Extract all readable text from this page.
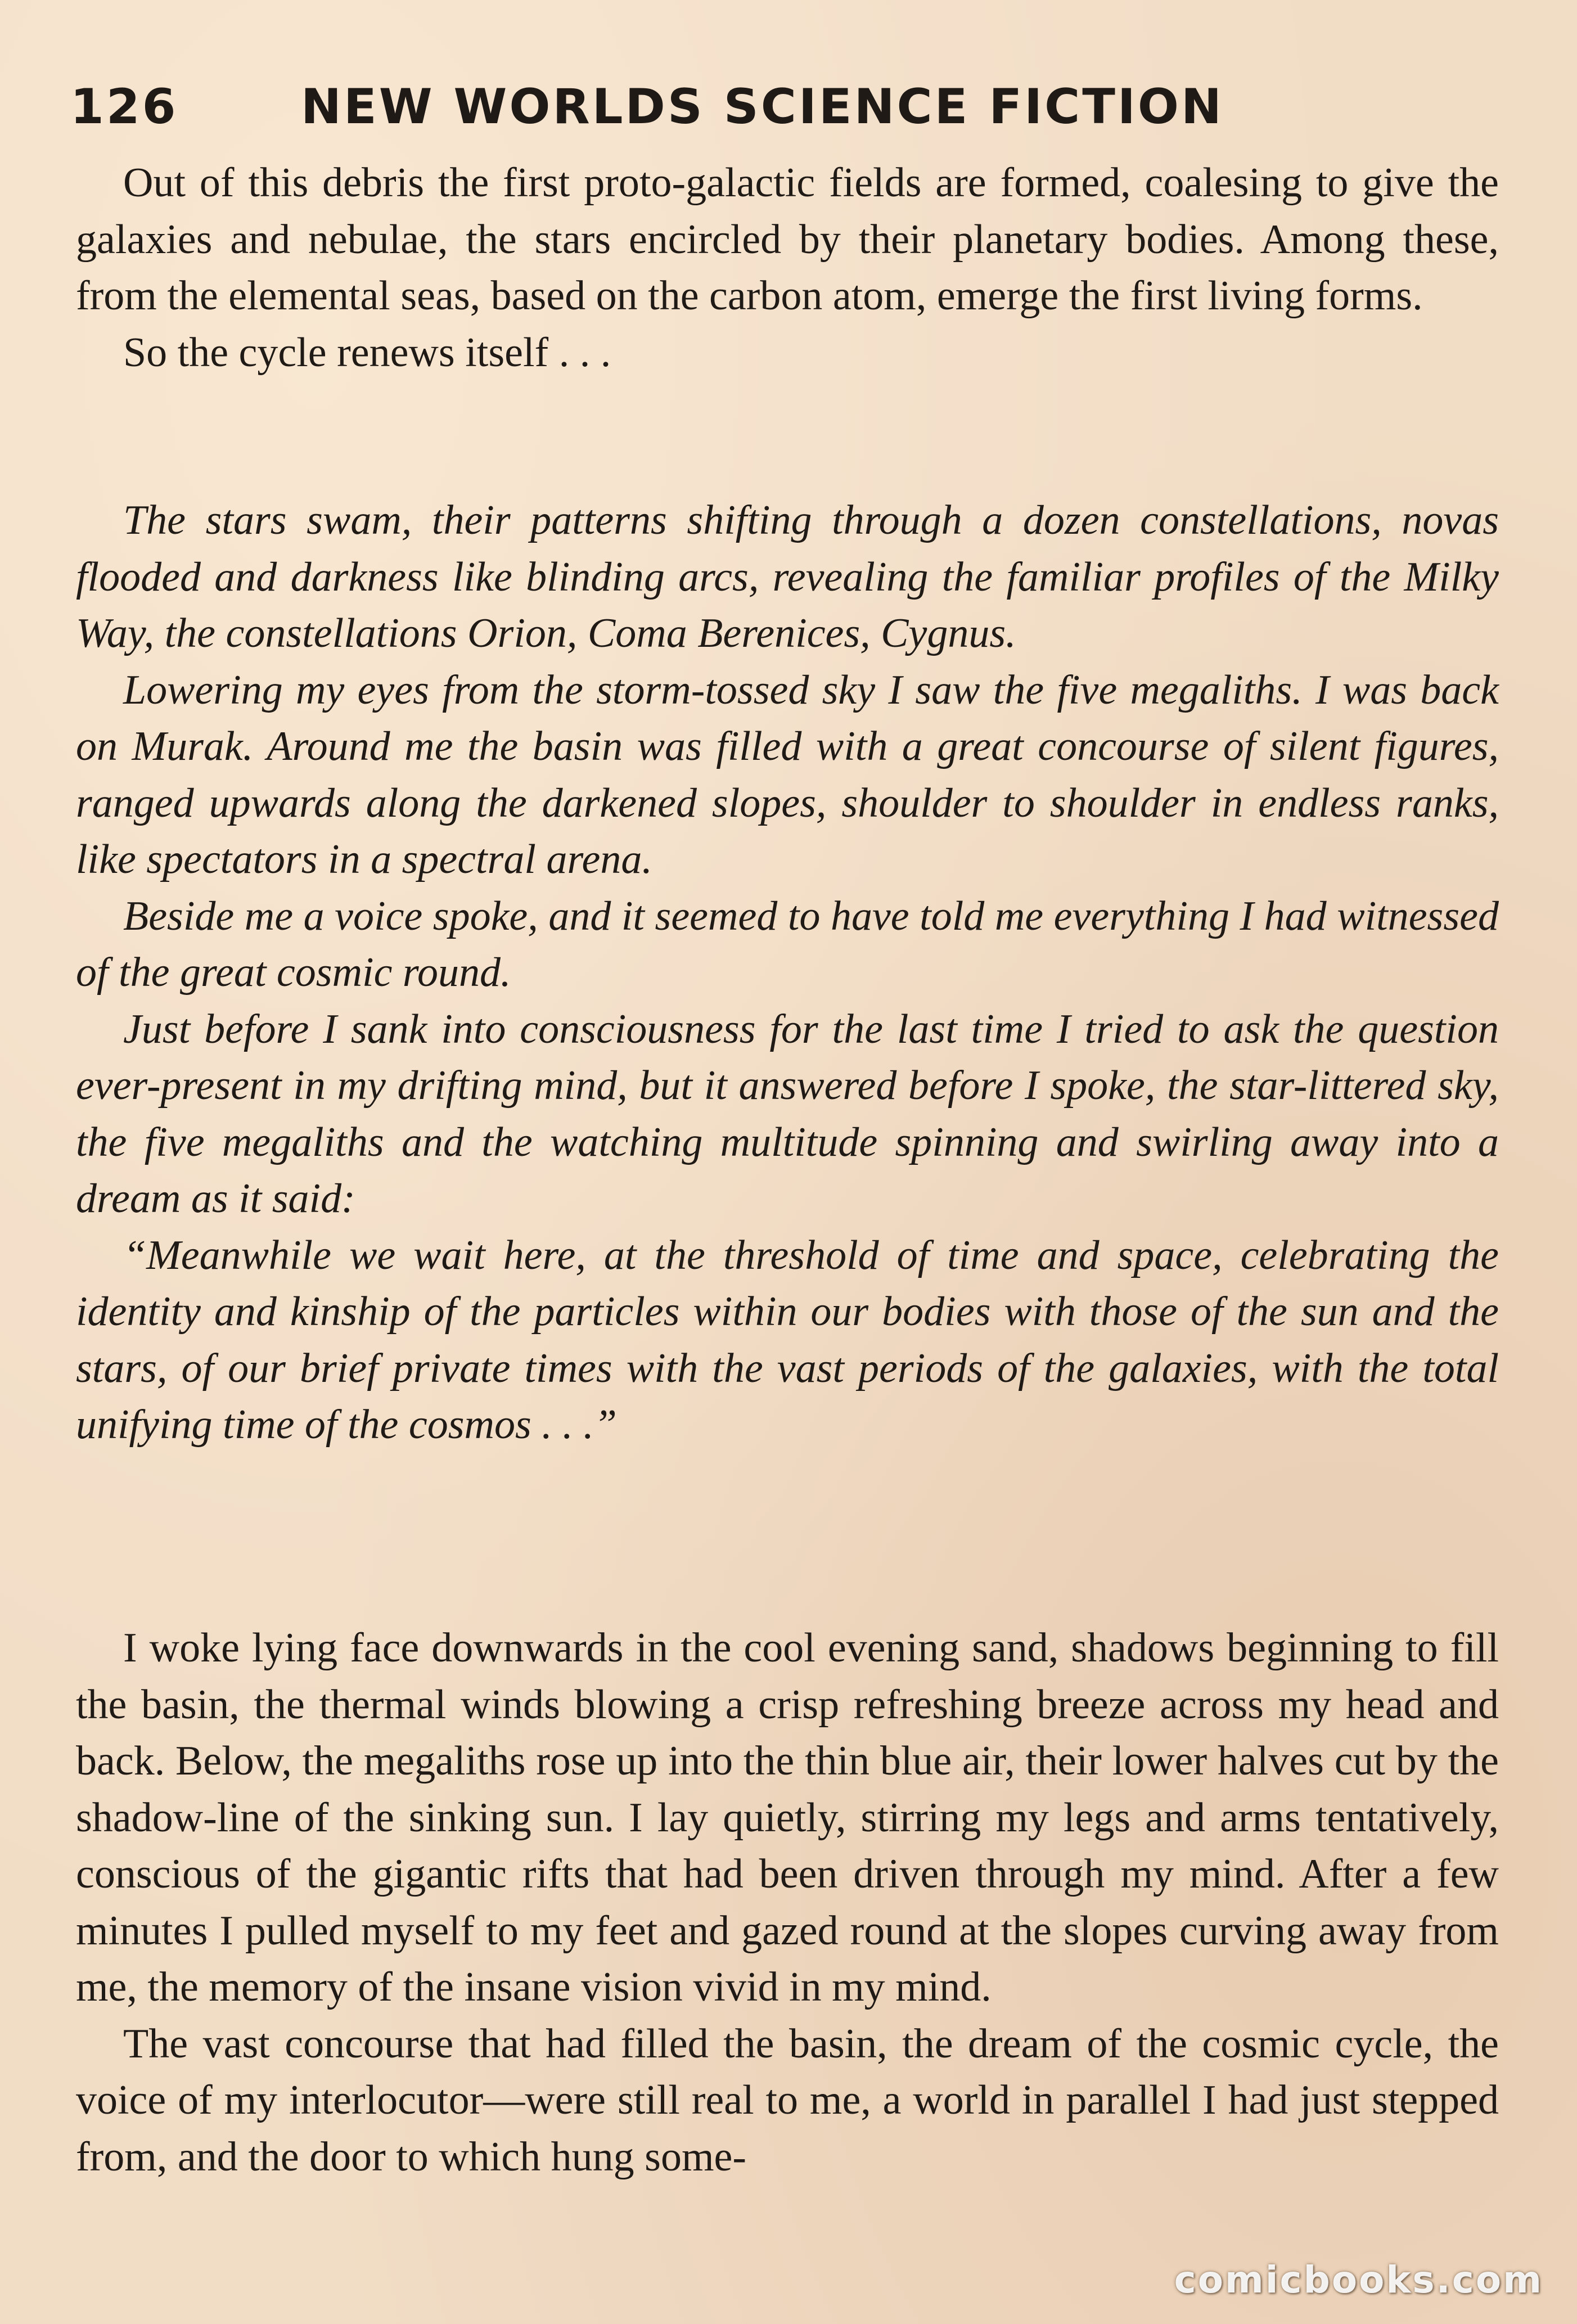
126	NEW WORLDS SCIENCE FICTION

Out of this debris the first proto-galactic fields are formed, coalesing to give the galaxies and nebulae, the stars encircled by their planetary bodies. Among these, from the elemental seas, based on the carbon atom, emerge the first living forms.

So the cycle renews itself . . .

The stars swam, their patterns shifting through a dozen constellations, novas flooded and darkness like blinding arcs, revealing the familiar profiles of the Milky Way, the constellations Orion, Coma Berenices, Cygnus.

Lowering my eyes from the storm-tossed sky I saw the five megaliths. I was back on Murak. Around me the basin was filled with a great concourse of silent figures, ranged upwards along the darkened slopes, shoulder to shoulder in endless ranks, like spectators in a spectral arena.

Beside me a voice spoke, and it seemed to have told me everything I had witnessed of the great cosmic round.

Just before I sank into consciousness for the last time I tried to ask the question ever-present in my drifting mind, but it answered before I spoke, the star-littered sky, the five megaliths and the watching multitude spinning and swirling away into a dream as it said:

“Meanwhile we wait here, at the threshold of time and space, celebrating the identity and kinship of the particles within our bodies with those of the sun and the stars, of our brief private times with the vast periods of the galaxies, with the total unifying time of the cosmos . . .”

I woke lying face downwards in the cool evening sand, shadows beginning to fill the basin, the thermal winds blowing a crisp refreshing breeze across my head and back. Below, the megaliths rose up into the thin blue air, their lower halves cut by the shadow-line of the sinking sun. I lay quietly, stirring my legs and arms tentatively, conscious of the gigantic rifts that had been driven through my mind. After a few minutes I pulled myself to my feet and gazed round at the slopes curving away from me, the memory of the insane vision vivid in my mind.

The vast concourse that had filled the basin, the dream of the cosmic cycle, the voice of my interlocutor—were still real to me, a world in parallel I had just stepped from, and the door to which hung some-

comicbooks.com
